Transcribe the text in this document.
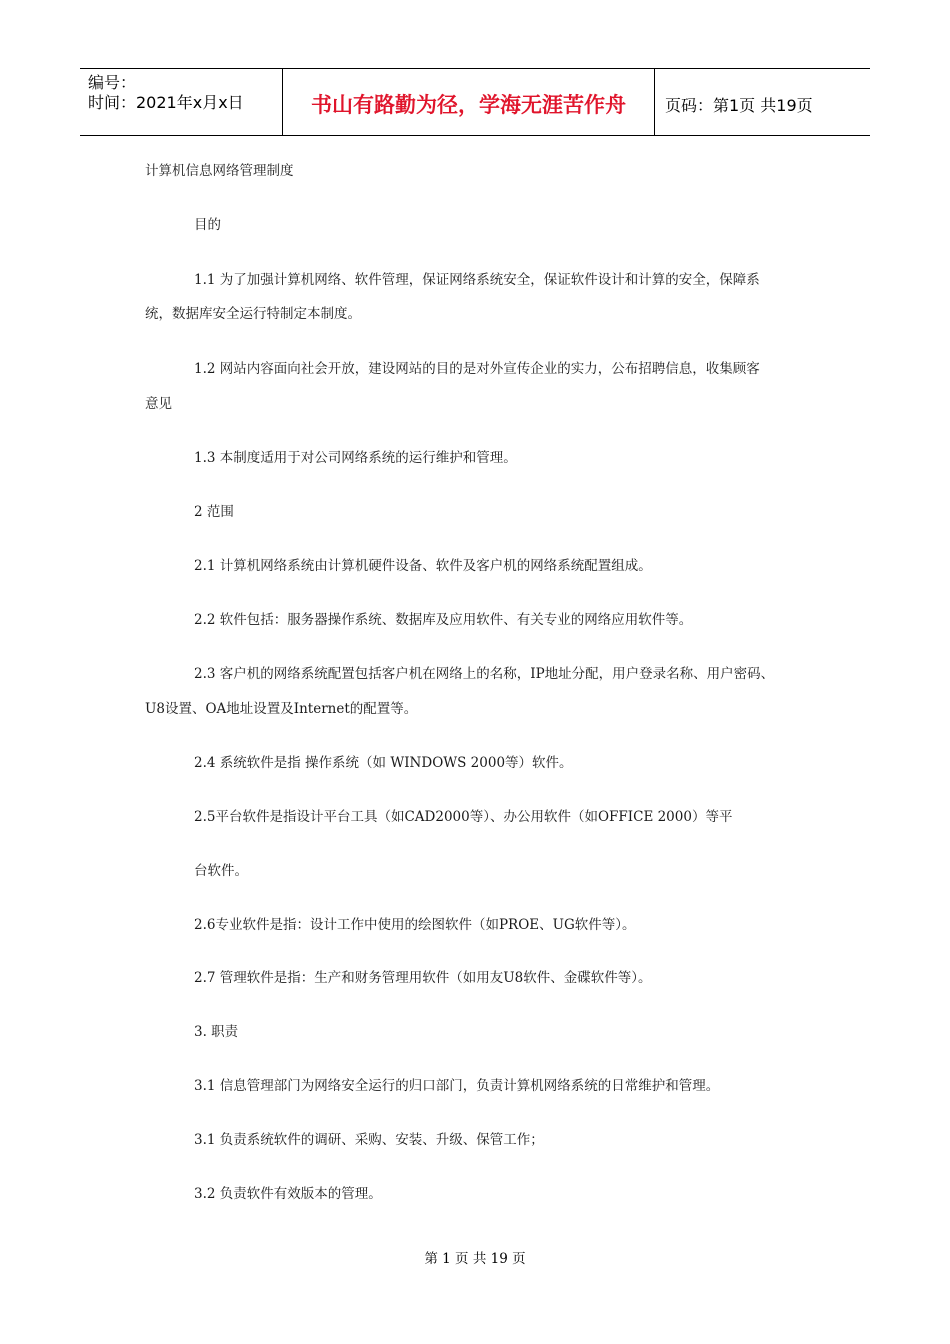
编号：
时间：2021年x月x日	书山有路勤为径，学海无涯苦作舟	页码：第1页 共19页
计算机信息网络管理制度
目的
1.1 为了加强计算机网络、软件管理，保证网络系统安全，保证软件设计和计算的安全，保障系
统，数据库安全运行特制定本制度。
1.2 网站内容面向社会开放，建设网站的目的是对外宣传企业的实力，公布招聘信息，收集顾客
意见
1.3 本制度适用于对公司网络系统的运行维护和管理。
2 范围
2.1 计算机网络系统由计算机硬件设备、软件及客户机的网络系统配置组成。
2.2 软件包括：服务器操作系统、数据库及应用软件、有关专业的网络应用软件等。
2.3 客户机的网络系统配置包括客户机在网络上的名称，IP地址分配，用户登录名称、用户密码、
U8设置、OA地址设置及Internet的配置等。
2.4 系统软件是指 操作系统（如 WINDOWS 2000等）软件。
2.5平台软件是指设计平台工具（如CAD2000等）、办公用软件（如OFFICE 2000）等平
台软件。
2.6专业软件是指：设计工作中使用的绘图软件（如PROE、UG软件等）。
2.7 管理软件是指：生产和财务管理用软件（如用友U8软件、金碟软件等）。
3. 职责
3.1 信息管理部门为网络安全运行的归口部门，负责计算机网络系统的日常维护和管理。
3.1 负责系统软件的调研、采购、安装、升级、保管工作；
3.2 负责软件有效版本的管理。
第 1 页 共 19 页
